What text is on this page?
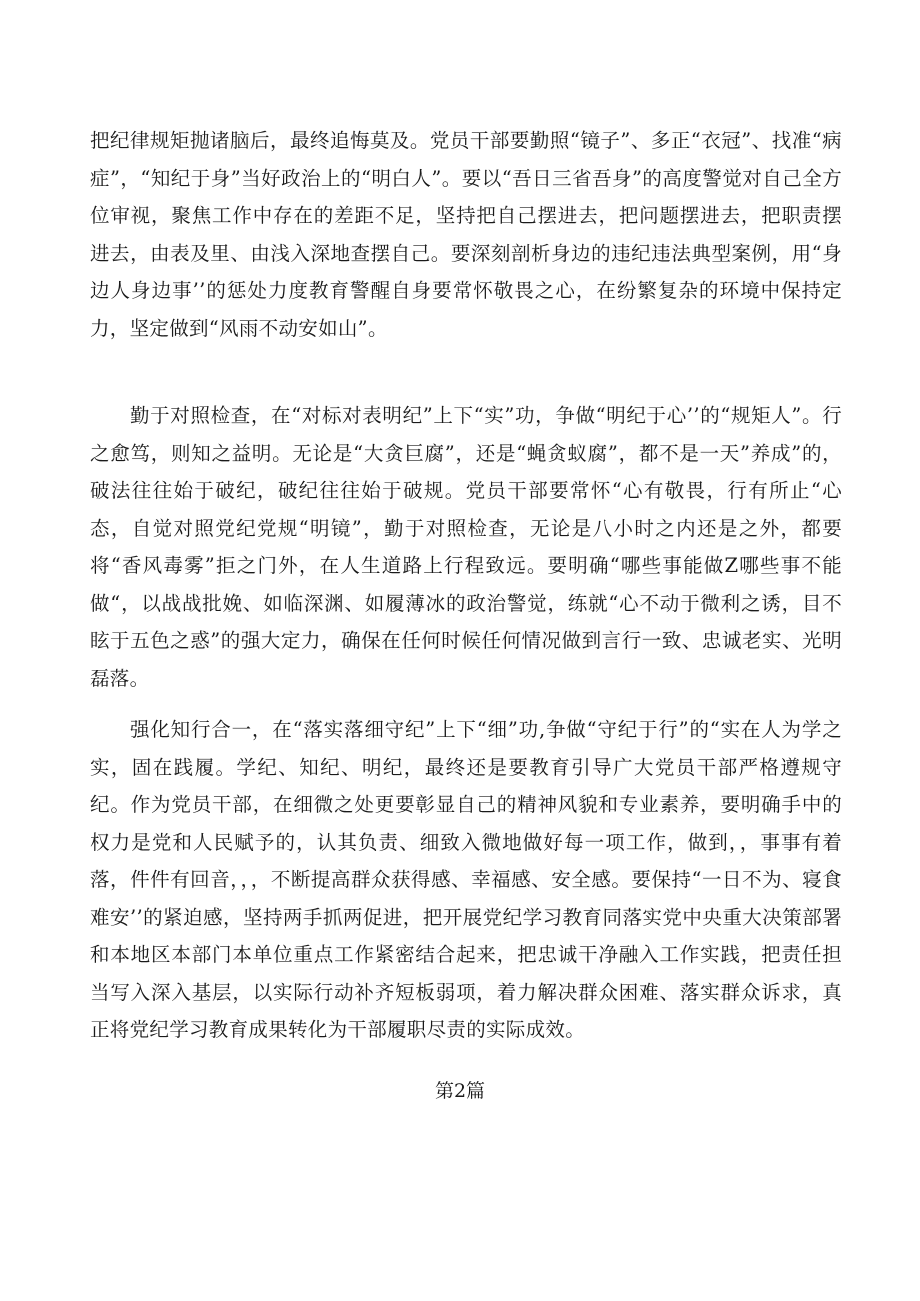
把纪律规矩抛诸脑后，最终追悔莫及。党员干部要勤照“镜子”、多正“衣冠”、找准“病症”，“知纪于身”当好政治上的“明白人”。要以“吾日三省吾身”的高度警觉对自己全方位审视，聚焦工作中存在的差距不足，坚持把自己摆进去，把问题摆进去，把职责摆进去，由表及里、由浅入深地查摆自己。要深刻剖析身边的违纪违法典型案例，用“身边人身边事’’的惩处力度教育警醒自身要常怀敬畏之心，在纷繁复杂的环境中保持定力，坚定做到“风雨不动安如山”。

勤于对照检查，在“对标对表明纪”上下“实”功，争做“明纪于心’’的“规矩人”。行之愈笃，则知之益明。无论是“大贪巨腐”，还是“蝇贪蚁腐”，都不是一天”养成”的，破法往往始于破纪，破纪往往始于破规。党员干部要常怀“心有敬畏，行有所止“心态，自觉对照党纪党规“明镜”，勤于对照检查，无论是八小时之内还是之外，都要将“香风毒雾”拒之门外，在人生道路上行程致远。要明确“哪些事能做Z哪些事不能做“，以战战批娩、如临深渊、如履薄冰的政治警觉，练就“心不动于微利之诱，目不眩于五色之惑”的强大定力，确保在任何时候任何情况做到言行一致、忠诚老实、光明磊落。

强化知行合一，在“落实落细守纪”上下“细”功,争做“守纪于行”的“实在人为学之实，固在践履。学纪、知纪、明纪，最终还是要教育引导广大党员干部严格遵规守纪。作为党员干部，在细微之处更要彰显自己的精神风貌和专业素养，要明确手中的权力是党和人民赋予的，认其负责、细致入微地做好每一项工作，做到，，事事有着落，件件有回音，，，不断提高群众获得感、幸福感、安全感。要保持“一日不为、寝食难安’’的紧迫感，坚持两手抓两促进，把开展党纪学习教育同落实党中央重大决策部署和本地区本部门本单位重点工作紧密结合起来，把忠诚干净融入工作实践，把责任担当写入深入基层，以实际行动补齐短板弱项，着力解决群众困难、落实群众诉求，真正将党纪学习教育成果转化为干部履职尽责的实际成效。

第2篇
